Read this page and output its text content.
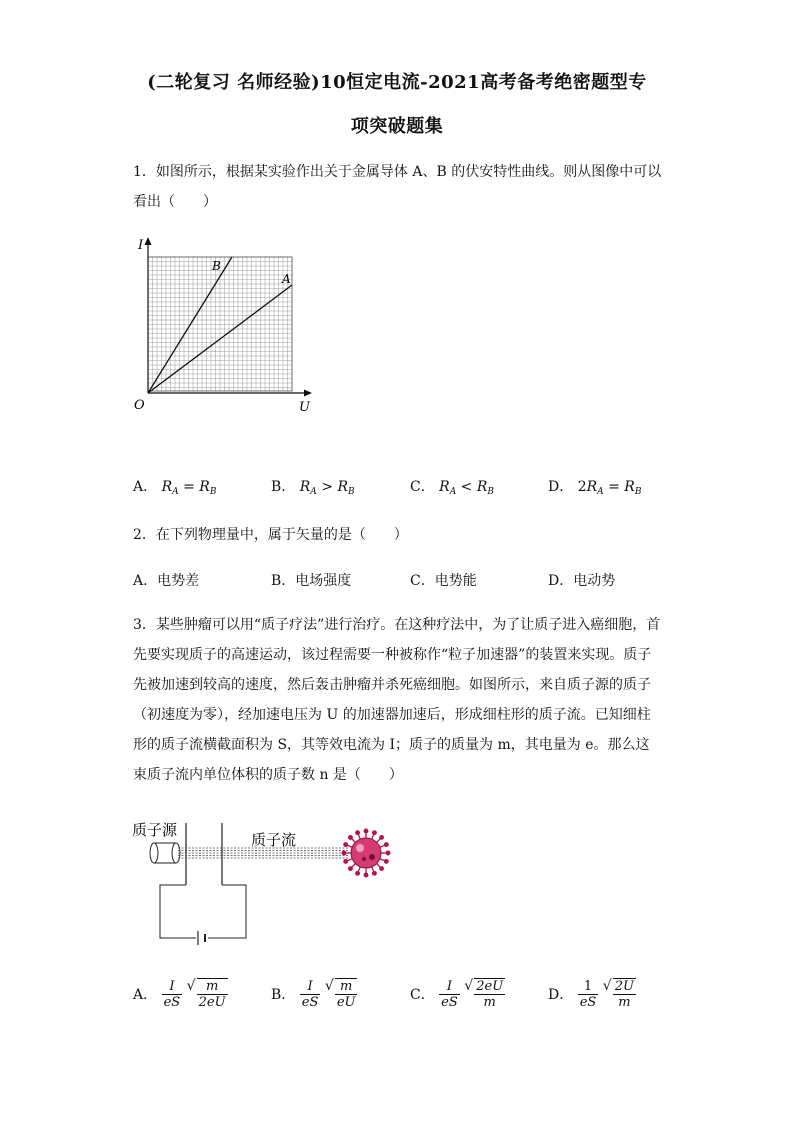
(二轮复习 名师经验)10恒定电流-2021高考备考绝密题型专
项突破题集
1．如图所示，根据某实验作出关于金属导体 A、B 的伏安特性曲线。则从图像中可以看出（　　）
I
U
O
B
A
A． $R_A = R_B$	B． $R_A > R_B$	C． $R_A < R_B$	D． $2R_A = R_B$
2．在下列物理量中，属于矢量的是（　　）
A．电势差	B．电场强度	C．电势能	D．电动势
3．某些肿瘤可以用“质子疗法”进行治疗。在这种疗法中，为了让质子进入癌细胞，首先要实现质子的高速运动，该过程需要一种被称作“粒子加速器”的装置来实现。质子先被加速到较高的速度，然后轰击肿瘤并杀死癌细胞。如图所示，来自质子源的质子（初速度为零），经加速电压为 U 的加速器加速后，形成细柱形的质子流。已知细柱形的质子流横截面积为 S，其等效电流为 I；质子的质量为 m，其电量为 e。那么这束质子流内单位体积的质子数 n 是（　　）
质子源
质子流
A． $\frac{I}{eS}$
√ $\frac{m}{2eU}$	B． $\frac{I}{eS}$
√ $\frac{m}{eU}$	C． $\frac{I}{eS}$
√ $\frac{2eU}{m}$	D． $\frac{1}{eS}$
√ $\frac{2U}{m}$
